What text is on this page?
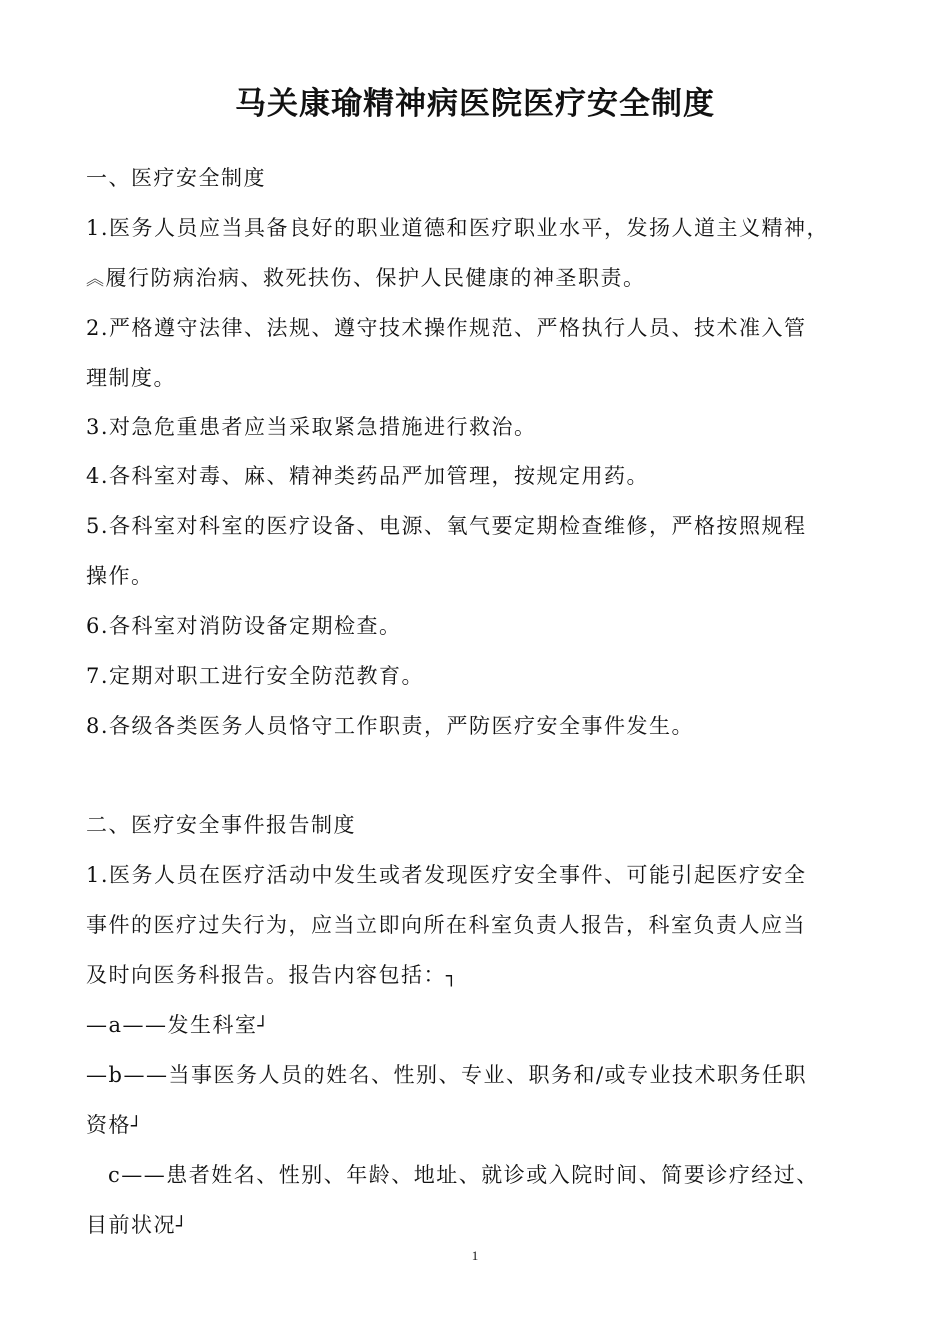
马关康瑜精神病医院医疗安全制度
一、医疗安全制度
1.医务人员应当具备良好的职业道德和医疗职业水平，发扬人道主义精神，
︽履行防病治病、救死扶伤、保护人民健康的神圣职责。
2.严格遵守法律、法规、遵守技术操作规范、严格执行人员、技术准入管
理制度。
3.对急危重患者应当采取紧急措施进行救治。
4.各科室对毒、麻、精神类药品严加管理，按规定用药。
5.各科室对科室的医疗设备、电源、氧气要定期检查维修，严格按照规程
操作。
6.各科室对消防设备定期检查。
7.定期对职工进行安全防范教育。
8.各级各类医务人员恪守工作职责，严防医疗安全事件发生。
二、医疗安全事件报告制度
1.医务人员在医疗活动中发生或者发现医疗安全事件、可能引起医疗安全
事件的医疗过失行为，应当立即向所在科室负责人报告，科室负责人应当
及时向医务科报告。报告内容包括：┐
—a——发生科室┘
—b——当事医务人员的姓名、性别、专业、职务和/或专业技术职务任职
资格┘
c——患者姓名、性别、年龄、地址、就诊或入院时间、简要诊疗经过、
目前状况┘
1
